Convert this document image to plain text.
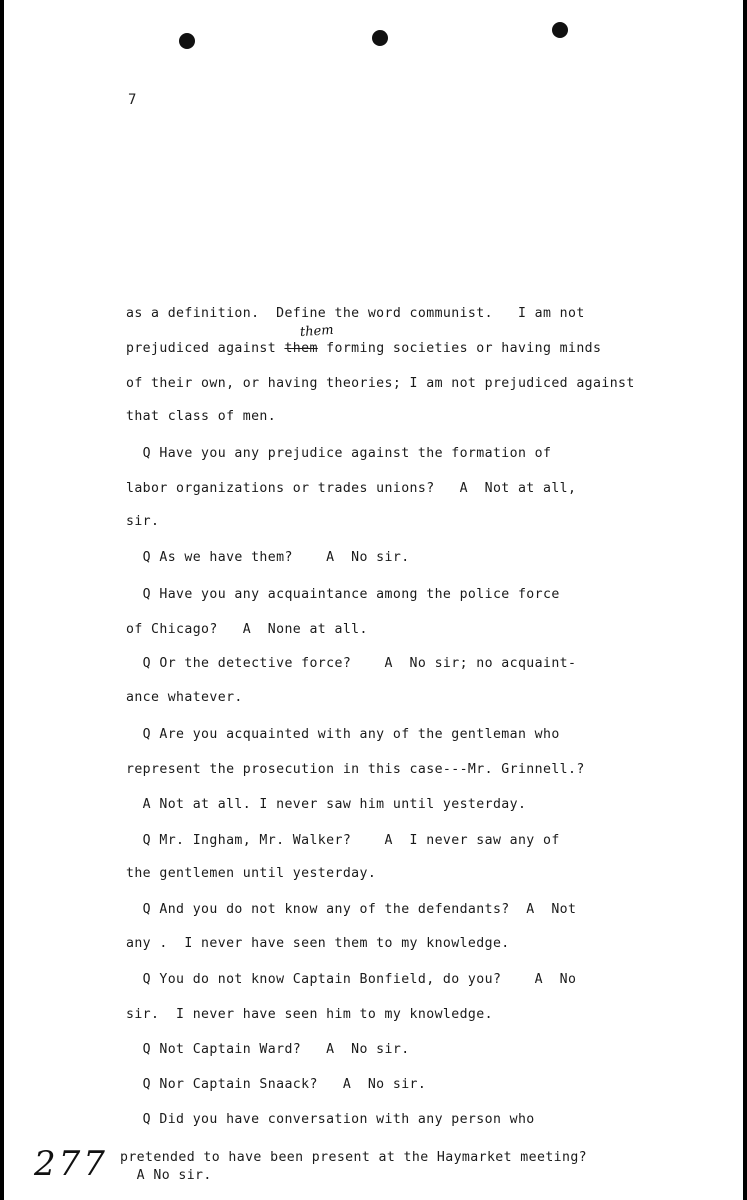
7
as a definition.  Define the word communist.   I am not
prejudiced against them forming societies or having minds
them
of their own, or having theories; I am not prejudiced against
that class of men.
Q Have you any prejudice against the formation of
labor organizations or trades unions?   A  Not at all,
sir.
Q As we have them?    A  No sir.
Q Have you any acquaintance among the police force
of Chicago?   A  None at all.
Q Or the detective force?    A  No sir; no acquaint-
ance whatever.
Q Are you acquainted with any of the gentleman who
represent the prosecution in this case---Mr. Grinnell.?
A Not at all. I never saw him until yesterday.
Q Mr. Ingham, Mr. Walker?    A  I never saw any of
the gentlemen until yesterday.
Q And you do not know any of the defendants?  A  Not
any .  I never have seen them to my knowledge.
Q You do not know Captain Bonfield, do you?    A  No
sir.  I never have seen him to my knowledge.
Q Not Captain Ward?   A  No sir.
Q Nor Captain Snaack?   A  No sir.
Q Did you have conversation with any person who
pretended to have been present at the Haymarket meeting?
A No sir.
277
